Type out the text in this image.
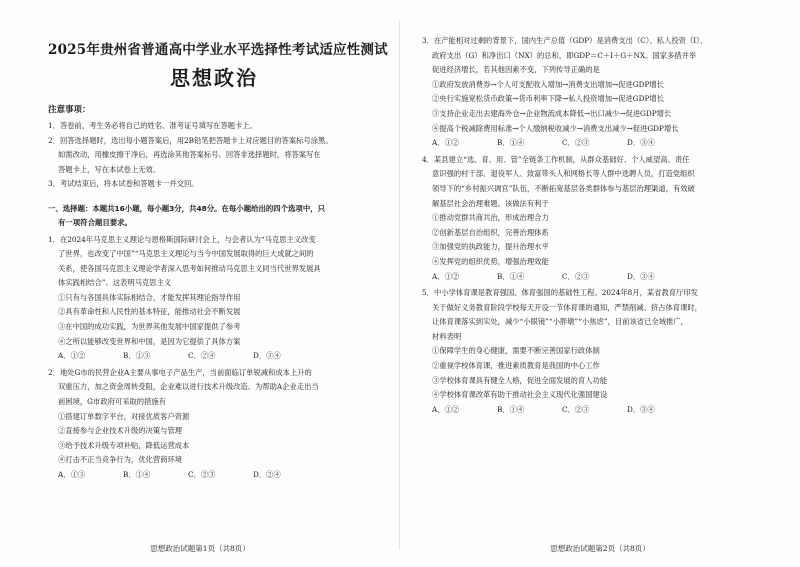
2025年贵州省普通高中学业水平选择性考试适应性测试
思想政治
注意事项：
1．答卷前，考生务必将自己的姓名、准考证号填写在答题卡上。
2．回答选择题时，选出每小题答案后，用2B铅笔把答题卡上对应题目的答案标号涂黑。
如需改动，用橡皮擦干净后，再选涂其他答案标号。回答非选择题时，将答案写在
答题卡上，写在本试卷上无效。
3．考试结束后，将本试卷和答题卡一并交回。
一、选择题：本题共16小题，每小题3分，共48分。在每小题给出的四个选项中，只
有一项符合题目要求。
1．在2024年马克思主义理论与恩格斯国际研讨会上，与会者认为“马克思主义改变
了世界，也改变了中国”“马克思主义理论与当今中国发展取得的巨大成就之间的
关系，使各国马克思主义理论学者深入思考如何推动马克思主义同当代世界发展具
体实践相结合”。这表明马克思主义
①只有与各国具体实际相结合，才能发挥其理论指导作用
②具有革命性和人民性的基本特征，能推动社会不断发展
③在中国的成功实践，为世界其他发展中国家提供了参考
④之所以能够改变世界和中国，是因为它提供了具体方案
A．①②	B．①③	C．②④	D．③④
2．地处G市的民营企业A主要从事电子产品生产，当前面临订单锐减和成本上升的
双重压力，加之资金周转受阻，企业难以进行技术升级改造。为帮助A企业走出当
前困境，G市政府可采取的措施有
①搭建订单数字平台，对接优质客户资源
②直接参与企业技术升级的决策与管理
③给予技术升级专项补贴，降低运营成本
④打击不正当竞争行为，优化营商环境
A．①③	B．①④	C．②③	D．②④
思想政治试题第1页（共8页）
3．在产能相对过剩的背景下，国内生产总值（GDP）是消费支出（C）、私人投资（I）、
政府支出（G）和净出口（NX）的总和，即GDP＝C＋I＋G＋NX。国家多措并举
促进经济增长，若其他因素不变，下列传导正确的是
①政府发放消费券→个人可支配收入增加→消费支出增加→促进GDP增长
②央行实施宽松货币政策→货币利率下降→私人投资增加→促进GDP增长
③支持企业走出去建海外仓→企业物流成本降低→出口减少→促进GDP增长
④提高个税减除费用标准→个人缴纳税收减少→消费支出减少→促进GDP增长
A．①②	B．①④	C．②③	D．③④
4．某县建立“选、育、用、管”全链条工作机制，从群众基础好、个人威望高、责任
意识强的村干部、退役军人、致富带头人和网格长等人群中选聘人员，打造党组织
领导下的“乡村振兴调官”队伍，不断拓宽基层各类群体参与基层治理渠道，有效破
解基层社会治理难题。该做法有利于
①推动党群共商共治，形成治理合力
②创新基层自治组织，完善治理体系
③加强党的执政能力，提升治理水平
④发挥党的组织优势，增强治理效能
A．①②	B．①④	C．②③	D．③④
5．中小学体育课是教育强国、体育强国的基础性工程。2024年8月，某省教育厅印发
关于做好义务教育阶段学校每天开设一节体育课的通知，严禁削减、挤占体育课时，
让体育课落实到实处，减少“小眼镜”“小胖墩”“小焦虑”，目前该省已全域推广，
材料表明
①保障学生的身心健康，需要不断完善国家行政体制
②重视学校体育课，推进素质教育是我国的中心工作
③学校体育课具有健全人格，促进全面发展的育人功能
④学校体育课改革有助于推动社会主义现代化强国建设
A．①②	B．①④	C．②③	D．③④
思想政治试题第2页（共8页）
